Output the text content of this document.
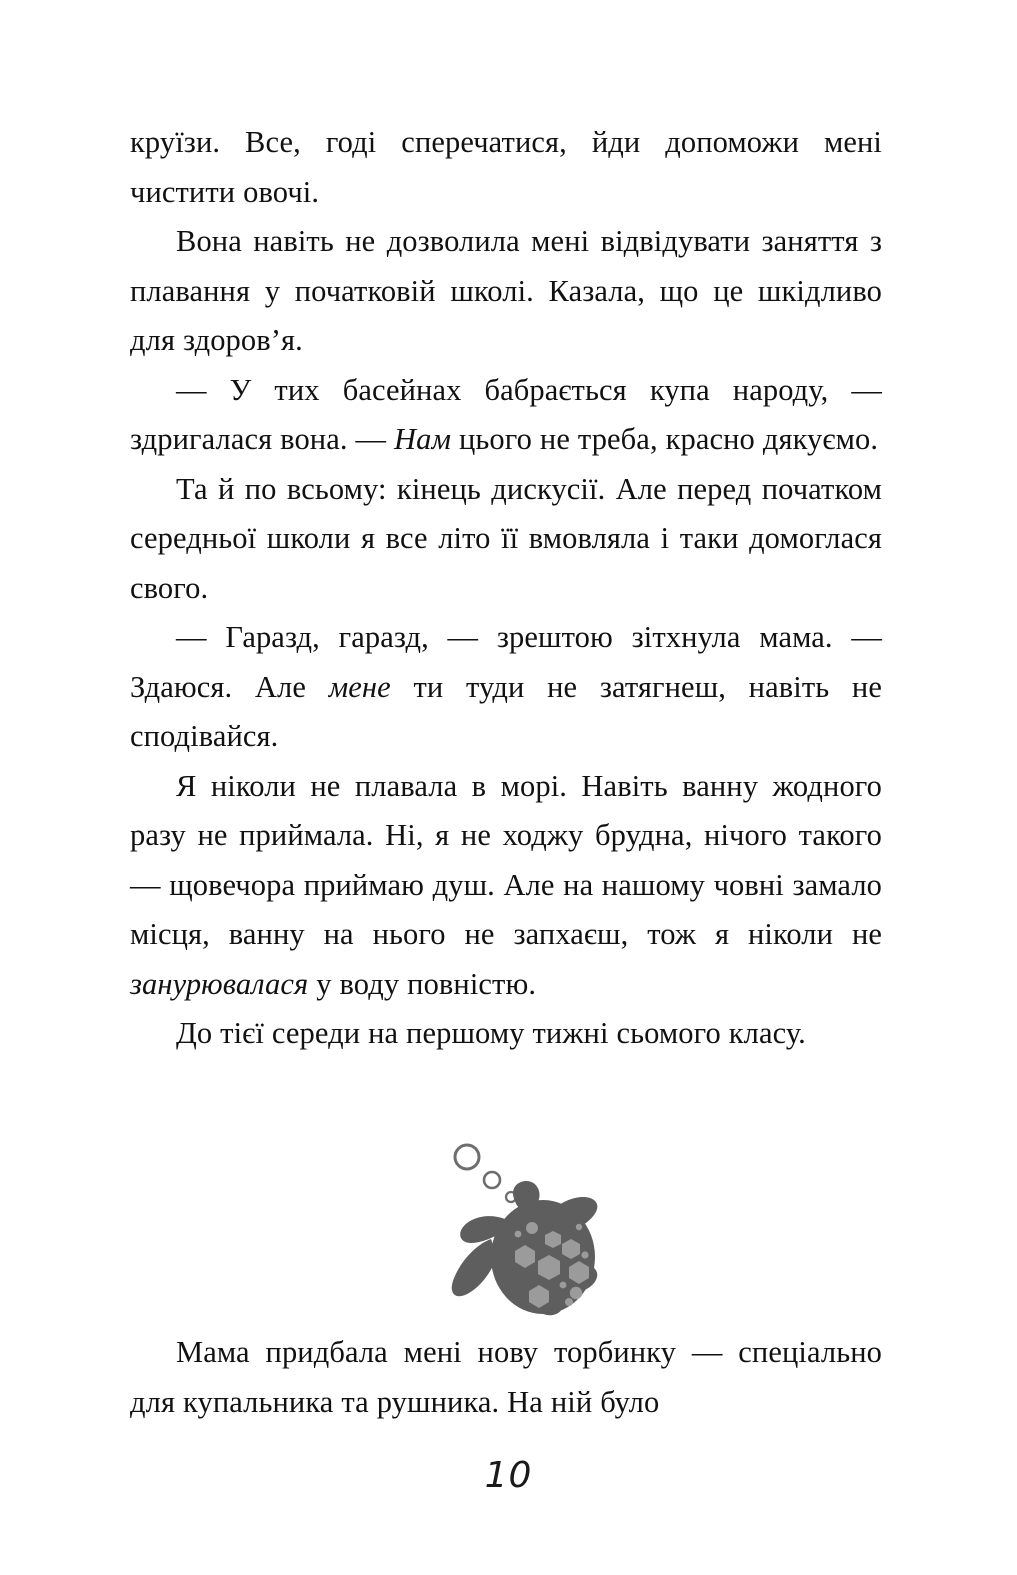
круїзи. Все, годі сперечатися, йди допоможи мені чистити овочі.

Вона навіть не дозволила мені відвідувати заняття з плавання у початковій школі. Казала, що це шкідливо для здоров’я.

— У тих басейнах бабрається купа народу, — здригалася вона. — Нам цього не треба, красно дякуємо.

Та й по всьому: кінець дискусії. Але перед початком середньої школи я все літо її вмовляла і таки домоглася свого.

— Гаразд, гаразд, — зрештою зітхнула мама. — Здаюся. Але мене ти туди не затягнеш, навіть не сподівайся.

Я ніколи не плавала в морі. Навіть ванну жодного разу не приймала. Ні, я не ходжу брудна, нічого такого — щовечора приймаю душ. Але на нашому човні замало місця, ванну на нього не запхаєш, тож я ніколи не занурювалася у воду повністю.

До тієї середи на першому тижні сьомого класу.

Мама придбала мені нову торбинку — спеціально для купальника та рушника. На ній було

10
